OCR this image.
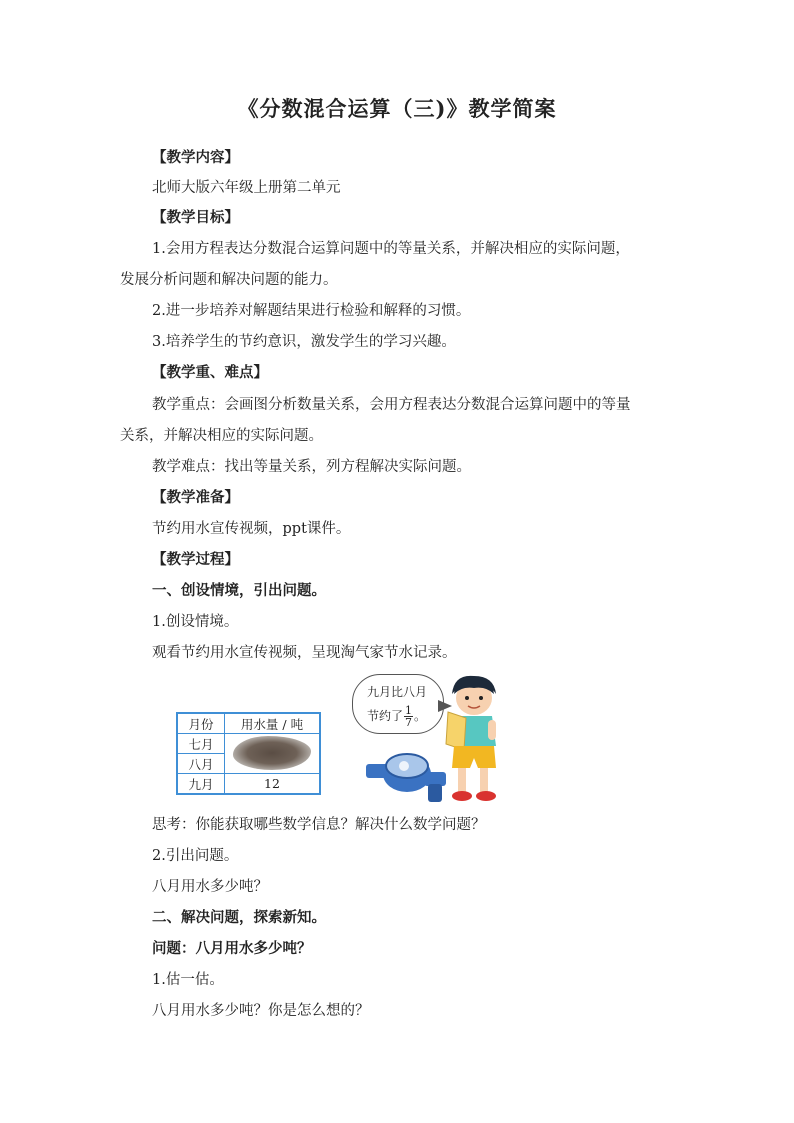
《分数混合运算（三)》教学简案
【教学内容】
北师大版六年级上册第二单元
【教学目标】
1.会用方程表达分数混合运算问题中的等量关系，并解决相应的实际问题，
发展分析问题和解决问题的能力。
2.进一步培养对解题结果进行检验和解释的习惯。
3.培养学生的节约意识，激发学生的学习兴趣。
【教学重、难点】
教学重点：会画图分析数量关系，会用方程表达分数混合运算问题中的等量
关系，并解决相应的实际问题。
教学难点：找出等量关系，列方程解决实际问题。
【教学准备】
节约用水宣传视频，ppt课件。
【教学过程】
一、创设情境，引出问题。
1.创设情境。
观看节约用水宣传视频，呈现淘气家节水记录。
思考：你能获取哪些数学信息？解决什么数学问题？
2.引出问题。
八月用水多少吨？
二、解决问题，探索新知。
问题：八月用水多少吨？
1.估一估。
八月用水多少吨？你是怎么想的？
月份	用水量 / 吨
七月	

八月	
九月	12
九月比八月
节约了 $\frac{1}{7}$ 。
